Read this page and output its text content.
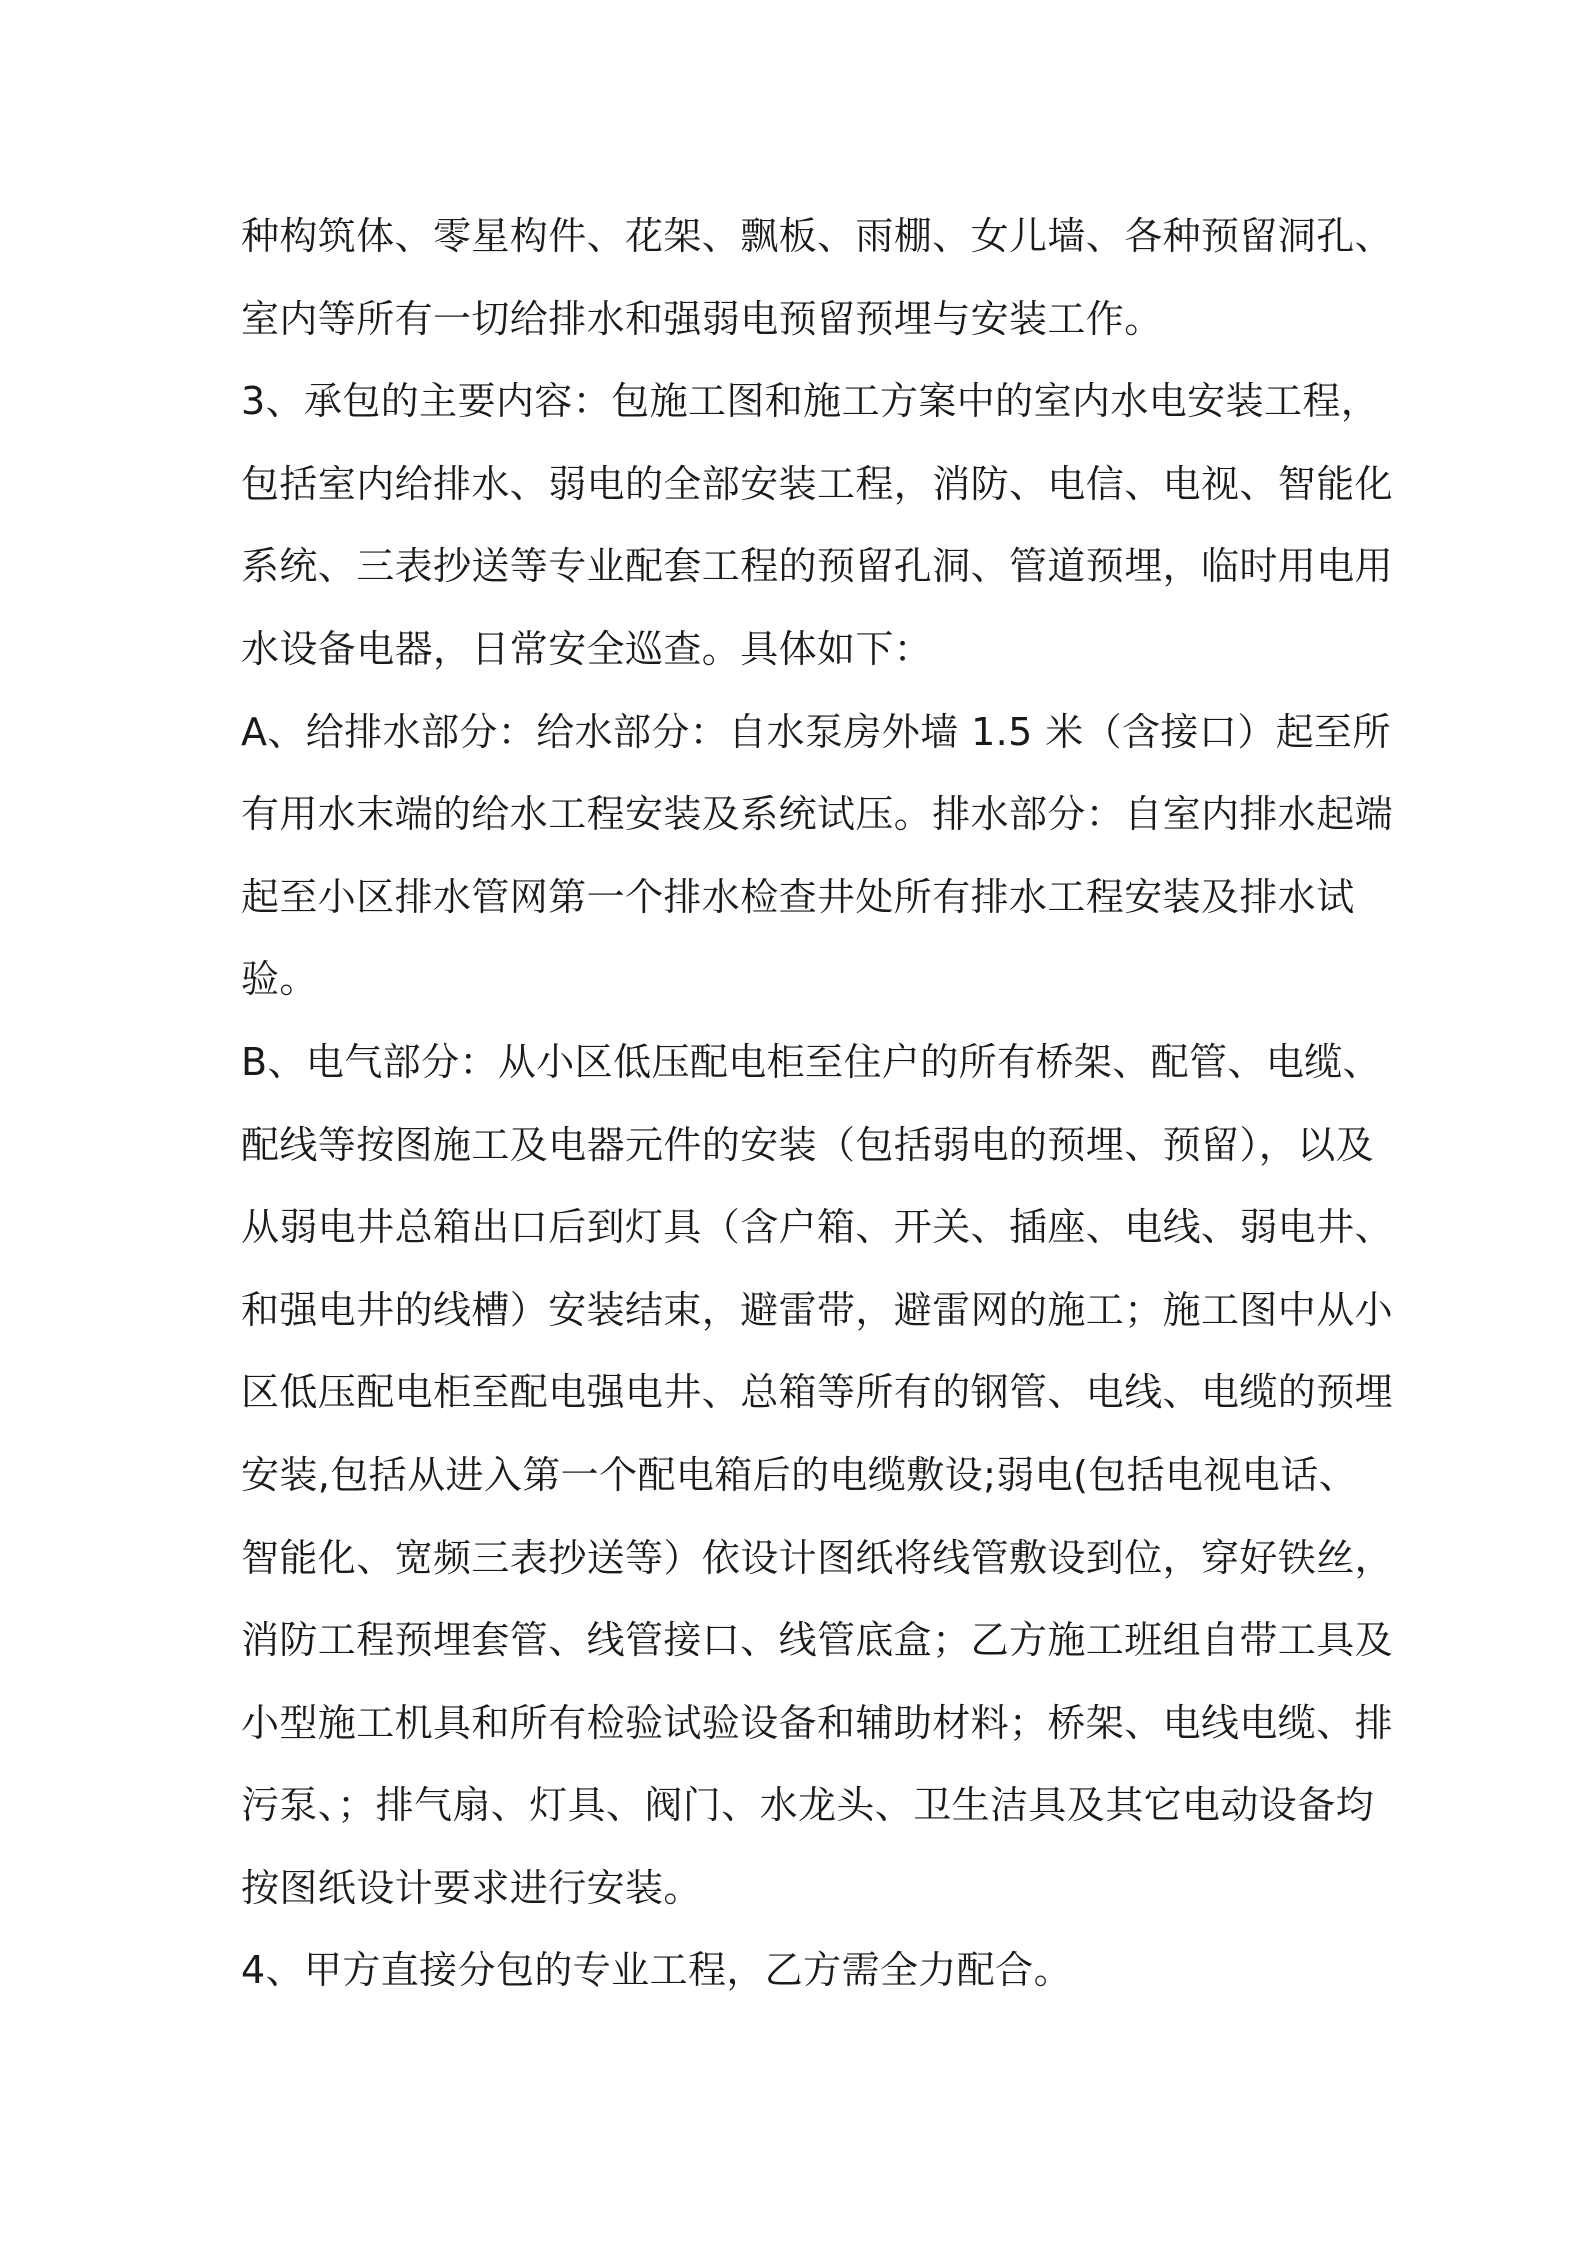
种构筑体、零星构件、花架、飘板、雨棚、女儿墙、各种预留洞孔、
室内等所有一切给排水和强弱电预留预埋与安装工作。
3、承包的主要内容：包施工图和施工方案中的室内水电安装工程，
包括室内给排水、弱电的全部安装工程，消防、电信、电视、智能化
系统、三表抄送等专业配套工程的预留孔洞、管道预埋，临时用电用
水设备电器，日常安全巡查。具体如下：
A、给排水部分：给水部分：自水泵房外墙 1.5 米（含接口）起至所
有用水末端的给水工程安装及系统试压。排水部分：自室内排水起端
起至小区排水管网第一个排水检查井处所有排水工程安装及排水试
验。
B、电气部分：从小区低压配电柜至住户的所有桥架、配管、电缆、
配线等按图施工及电器元件的安装（包括弱电的预埋、预留），以及
从弱电井总箱出口后到灯具（含户箱、开关、插座、电线、弱电井、
和强电井的线槽）安装结束，避雷带，避雷网的施工；施工图中从小
区低压配电柜至配电强电井、总箱等所有的钢管、电线、电缆的预埋
安装,包括从进入第一个配电箱后的电缆敷设;弱电(包括电视电话、
智能化、宽频三表抄送等）依设计图纸将线管敷设到位，穿好铁丝，
消防工程预埋套管、线管接口、线管底盒；乙方施工班组自带工具及
小型施工机具和所有检验试验设备和辅助材料；桥架、电线电缆、排
污泵、；排气扇、灯具、阀门、水龙头、卫生洁具及其它电动设备均
按图纸设计要求进行安装。
4、甲方直接分包的专业工程，乙方需全力配合。
